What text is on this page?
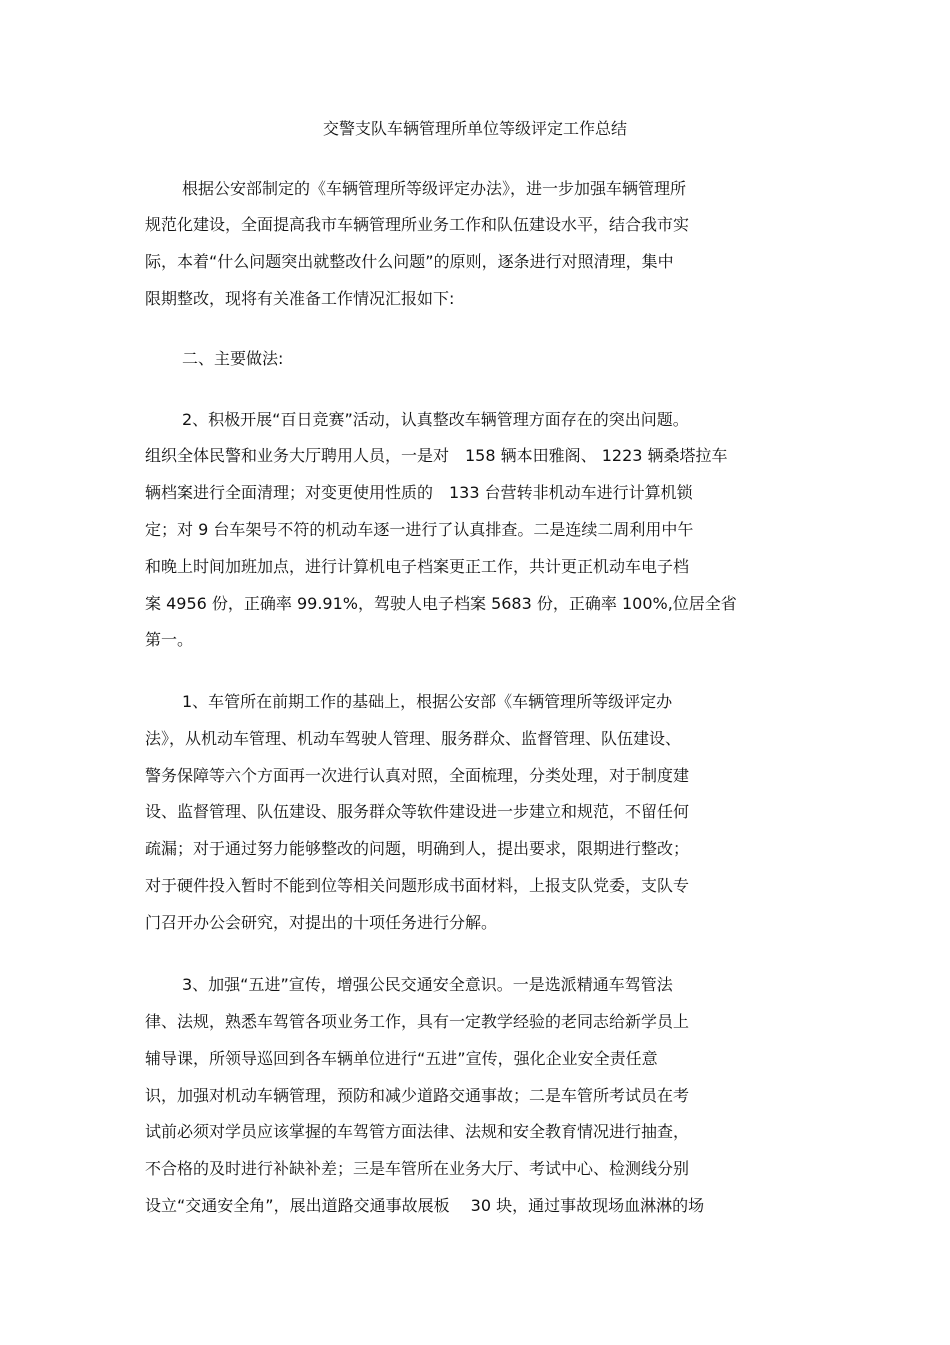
交警支队车辆管理所单位等级评定工作总结
根据公安部制定的《车辆管理所等级评定办法》，进一步加强车辆管理所
规范化建设，全面提高我市车辆管理所业务工作和队伍建设水平，结合我市实
际，本着“什么问题突出就整改什么问题”的原则，逐条进行对照清理，集中
限期整改，现将有关准备工作情况汇报如下:
二、主要做法:
2、积极开展“百日竞赛”活动，认真整改车辆管理方面存在的突出问题。
组织全体民警和业务大厅聘用人员，一是对　158 辆本田雅阁、 1223 辆桑塔拉车
辆档案进行全面清理；对变更使用性质的　133 台营转非机动车进行计算机锁
定；对 9 台车架号不符的机动车逐一进行了认真排查。二是连续二周利用中午
和晚上时间加班加点，进行计算机电子档案更正工作，共计更正机动车电子档
案 4956 份，正确率 99.91%，驾驶人电子档案 5683 份，正确率 100%,位居全省
第一。
1、车管所在前期工作的基础上，根据公安部《车辆管理所等级评定办
法》，从机动车管理、机动车驾驶人管理、服务群众、监督管理、队伍建设、
警务保障等六个方面再一次进行认真对照，全面梳理，分类处理，对于制度建
设、监督管理、队伍建设、服务群众等软件建设进一步建立和规范，不留任何
疏漏；对于通过努力能够整改的问题，明确到人，提出要求，限期进行整改；
对于硬件投入暂时不能到位等相关问题形成书面材料，上报支队党委，支队专
门召开办公会研究，对提出的十项任务进行分解。
3、加强“五进”宣传，增强公民交通安全意识。一是选派精通车驾管法
律、法规，熟悉车驾管各项业务工作，具有一定教学经验的老同志给新学员上
辅导课，所领导巡回到各车辆单位进行“五进”宣传，强化企业安全责任意
识，加强对机动车辆管理，预防和减少道路交通事故；二是车管所考试员在考
试前必须对学员应该掌握的车驾管方面法律、法规和安全教育情况进行抽查，
不合格的及时进行补缺补差；三是车管所在业务大厅、考试中心、检测线分别
设立“交通安全角”，展出道路交通事故展板　 30 块，通过事故现场血淋淋的场
